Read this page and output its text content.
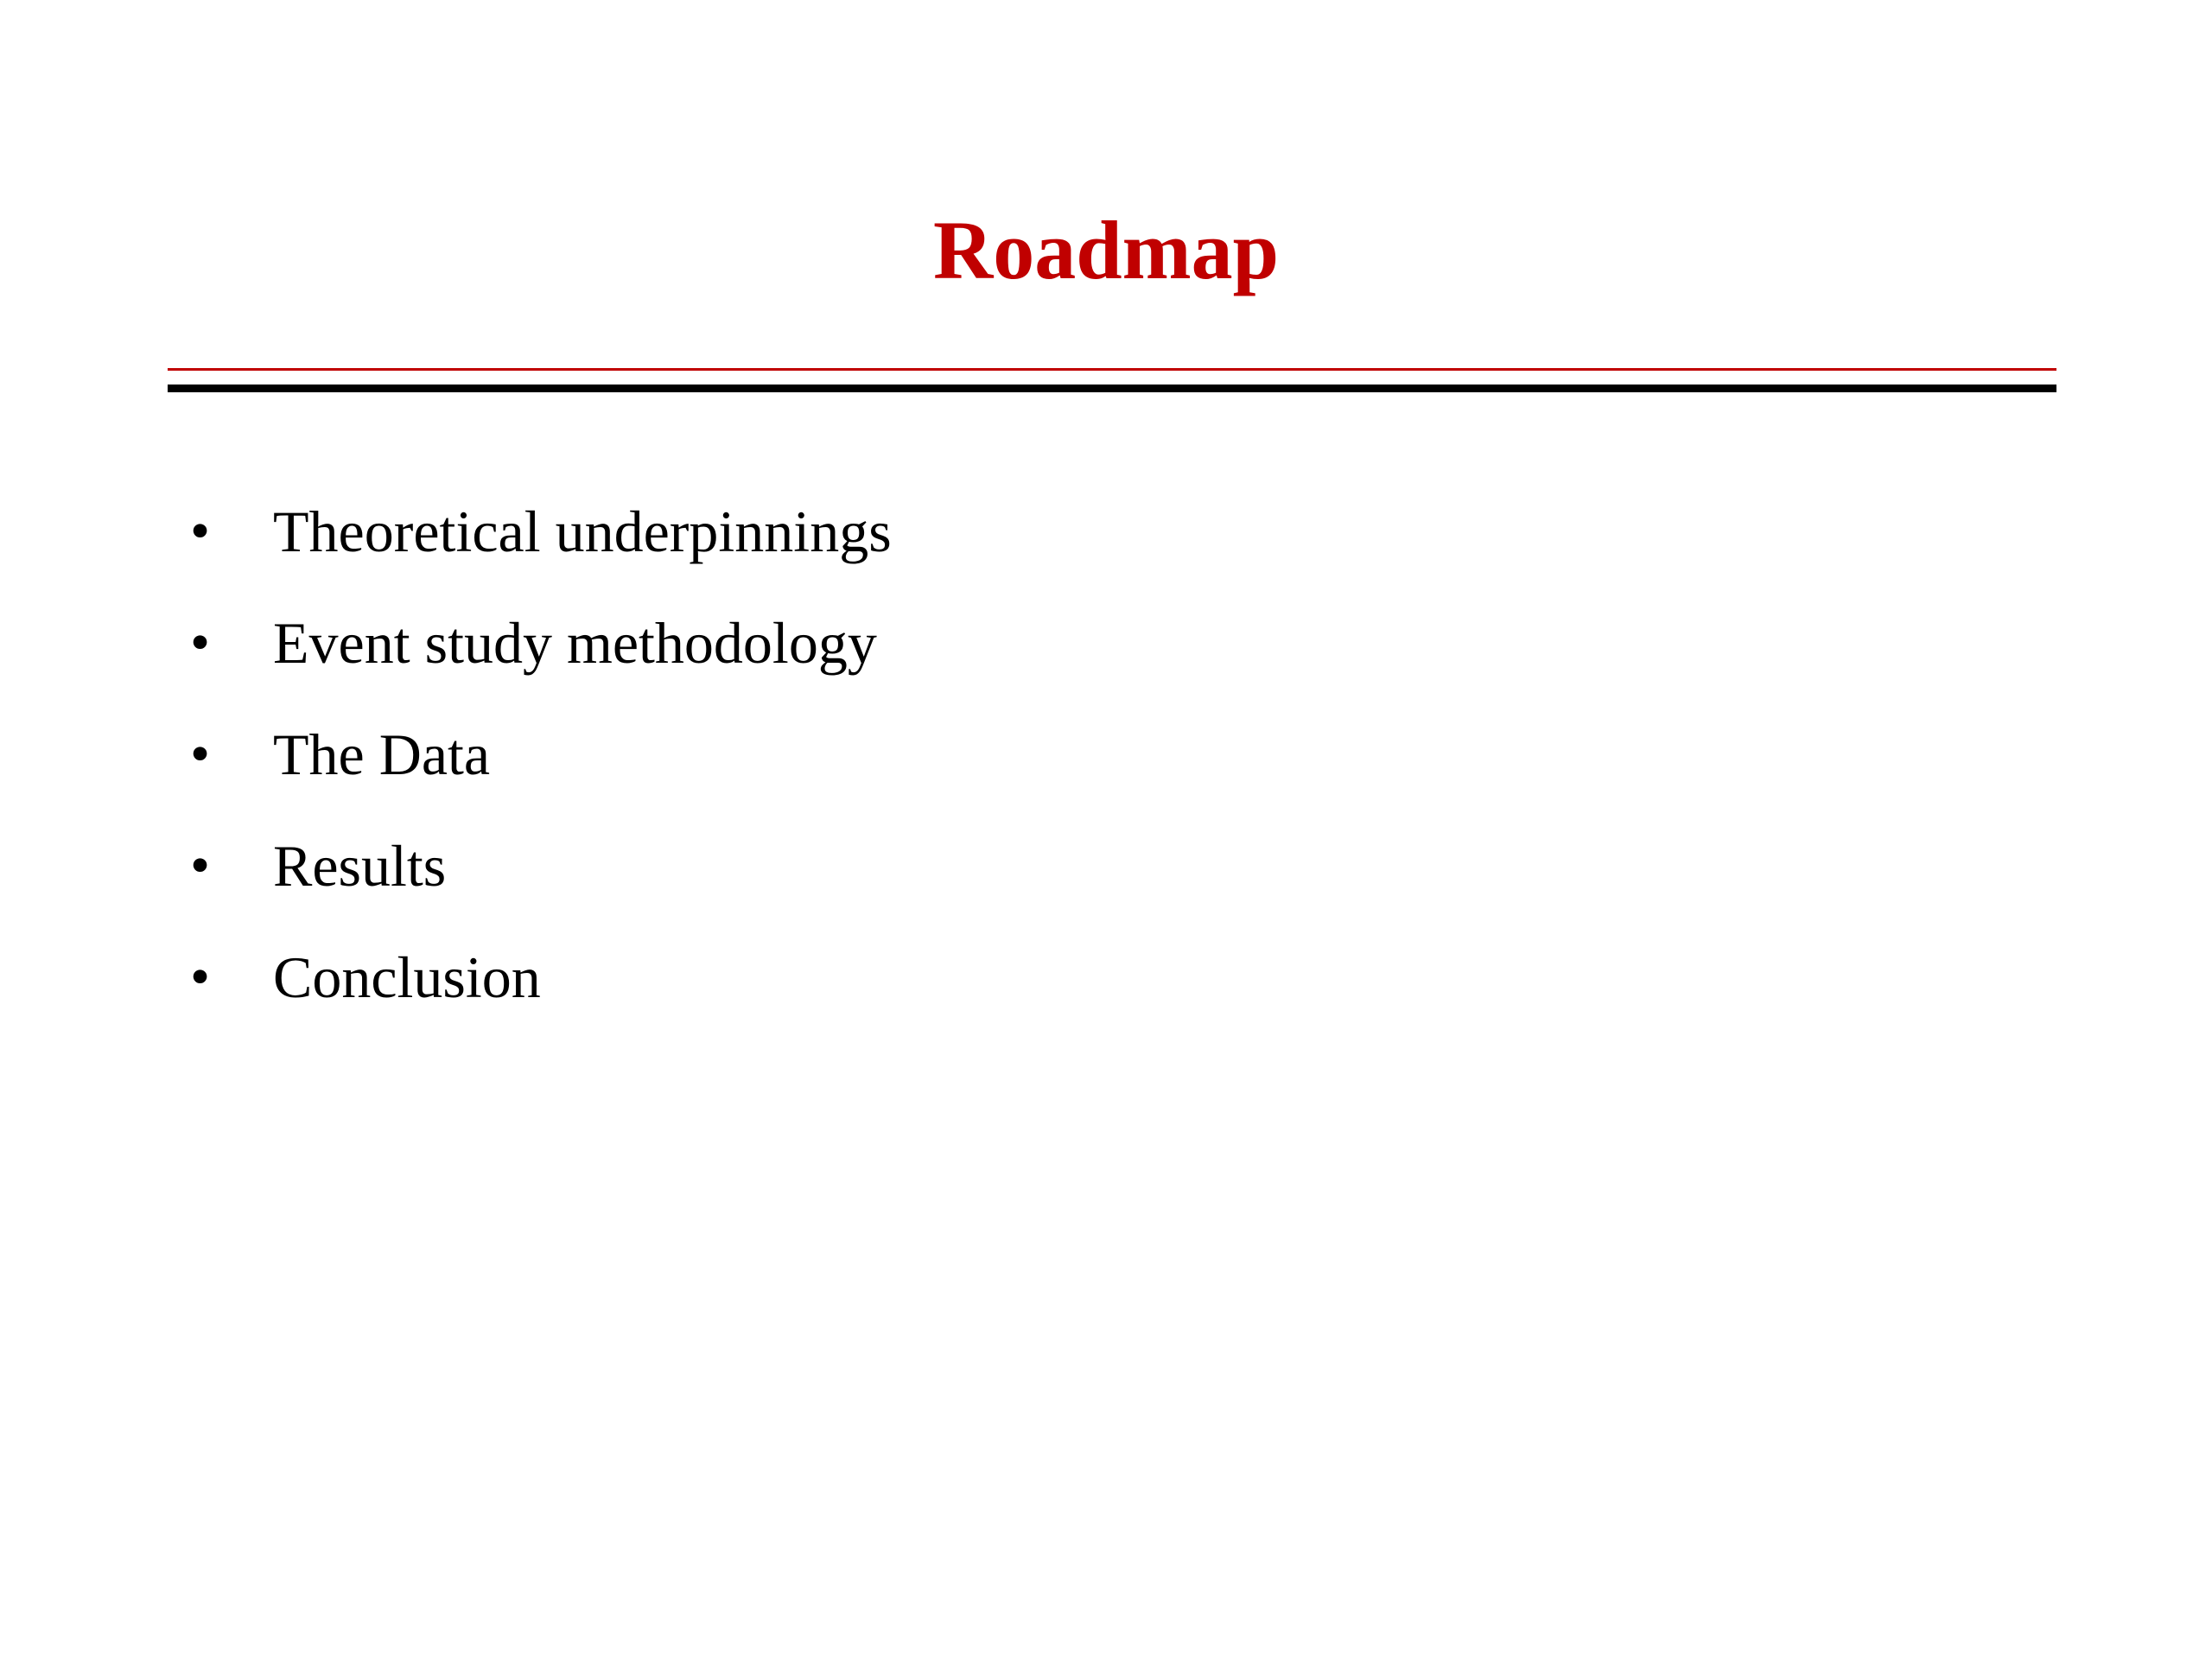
Roadmap
• Theoretical underpinnings
• Event study methodology
• The Data
• Results
• Conclusion
